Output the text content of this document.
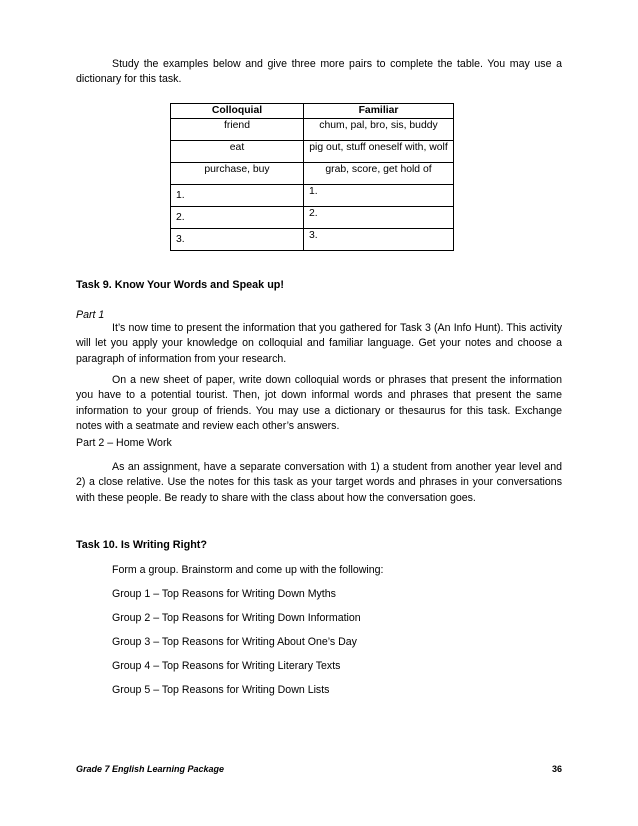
Study the examples below and give three more pairs to complete the table. You may use a dictionary for this task.
Colloquial	Familiar
friend	chum, pal, bro, sis, buddy
eat	pig out, stuff oneself with, wolf
purchase, buy	grab, score, get hold of
1.	1.
2.	2.
3.	3.
Task 9. Know Your Words and Speak up!
Part 1
It’s now time to present the information that you gathered for Task 3 (An Info Hunt). This activity will let you apply your knowledge on colloquial and familiar language. Get your notes and choose a paragraph of information from your research.
On a new sheet of paper, write down colloquial words or phrases that present the information you have to a potential tourist. Then, jot down informal words and phrases that present the same information to your group of friends. You may use a dictionary or thesaurus for this task. Exchange notes with a seatmate and review each other’s answers.
Part 2 – Home Work
As an assignment, have a separate conversation with 1) a student from another year level and 2) a close relative. Use the notes for this task as your target words and phrases in your conversations with these people. Be ready to share with the class about how the conversation goes.
Task 10. Is Writing Right?
Form a group. Brainstorm and come up with the following:
Group 1 – Top Reasons for Writing Down Myths
Group 2 – Top Reasons for Writing Down Information
Group 3 – Top Reasons for Writing About One’s Day
Group 4 – Top Reasons for Writing Literary Texts
Group 5 – Top Reasons for Writing Down Lists
Grade 7 English Learning Package	36
